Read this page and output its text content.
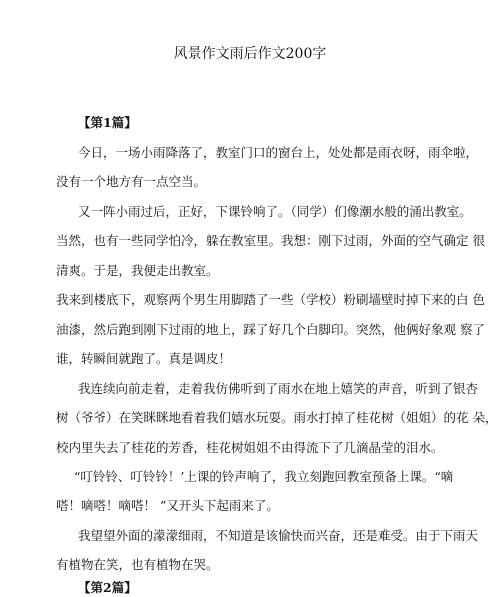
风景作文雨后作文200字
【第1篇】
今日，一场小雨降落了，教室门口的窗台上，处处都是雨衣呀，雨伞啦，
没有一个地方有一点空当。
又一阵小雨过后，正好，下课铃响了。（同学）们像潮水般的涌出教室。
当然，也有一些同学怕冷，躲在教室里。我想：刚下过雨，外面的空气确定 很
清爽。于是，我便走出教室。
我来到楼底下，观察两个男生用脚踏了一些（学校）粉刷墙壁时掉下来的白 色
油漆，然后跑到刚下过雨的地上，踩了好几个白脚印。突然，他俩好象观 察了
谁，转瞬间就跑了。真是调皮！
我连续向前走着，走着我仿佛听到了雨水在地上嬉笑的声音，听到了银杏
树（爷爷）在笑眯眯地看着我们嬉水玩耍。雨水打掉了桂花树（姐姐）的花 朵，
校内里失去了桂花的芳香，桂花树姐姐不由得流下了几滴晶莹的泪水。
“叮铃铃、叮铃铃！’上课的铃声响了，我立刻跑回教室预备上课。“嘀
嗒！嘀嗒！嘀嗒！ ”又开头下起雨来了。
我望望外面的濛濛细雨，不知道是该愉快而兴奋，还是难受。由于下雨天
有植物在笑，也有植物在哭。
【第2篇】
